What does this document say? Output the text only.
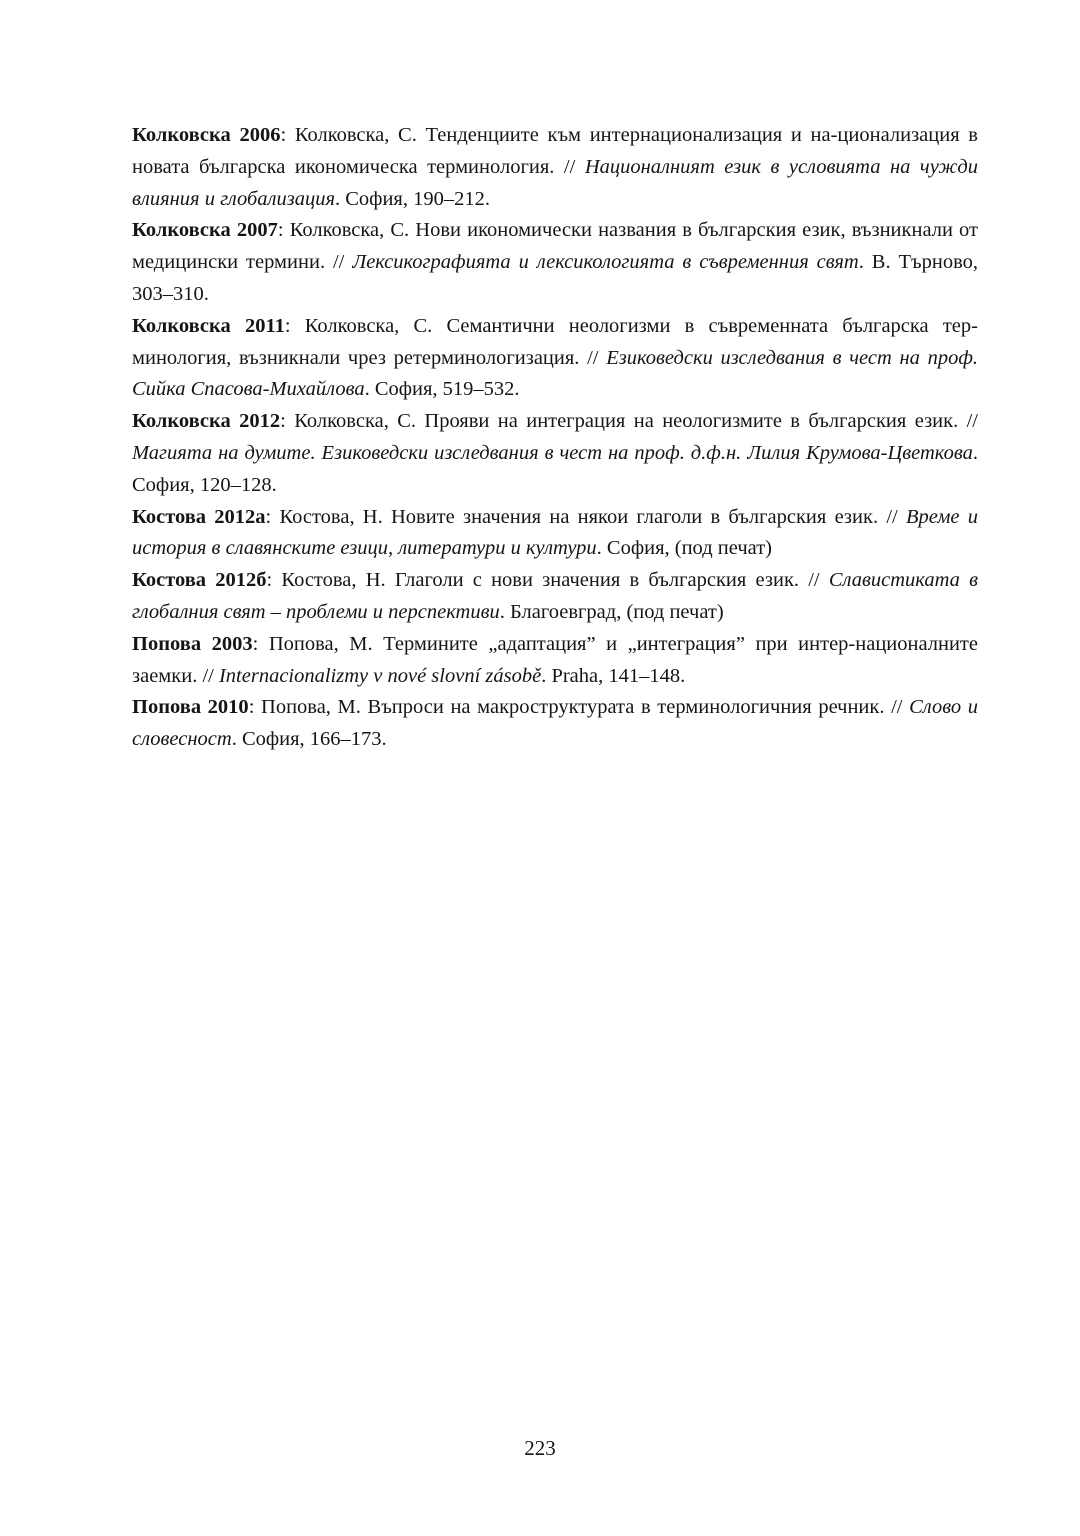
Колковска 2006: Колковска, С. Тенденциите към интернационализация и на-ционализация в новата българска икономическа терминология. // Националният език в условията на чужди влияния и глобализация. София, 190–212.

Колковска 2007: Колковска, С. Нови икономически названия в българския език, възникнали от медицински термини. // Лексикографията и лексикологията в съвременния свят. В. Търново, 303–310.

Колковска 2011: Колковска, С. Семантични неологизми в съвременната българска тер-минология, възникнали чрез ретерминологизация. // Езиковедски изследвания в чест на проф. Сийка Спасова-Михайлова. София, 519–532.

Колковска 2012: Колковска, С. Прояви на интеграция на неологизмите в българския език. // Магията на думите. Езиковедски изследвания в чест на проф. д.ф.н. Лилия Крумова-Цветкова. София, 120–128.

Костова 2012а: Костова, Н. Новите значения на някои глаголи в българския език. // Време и история в славянските езици, литератури и култури. София, (под печат)

Костова 2012б: Костова, Н. Глаголи с нови значения в българския език. // Славистиката в глобалния свят – проблеми и перспективи. Благоевград, (под печат)

Попова 2003: Попова, М. Термините „адаптация” и „интеграция” при интер-националните заемки. // Internacionalizmy v nové slovní zásobě. Praha, 141–148.

Попова 2010: Попова, М. Въпроси на макроструктурата в терминологичния речник. // Слово и словесност. София, 166–173.

223
